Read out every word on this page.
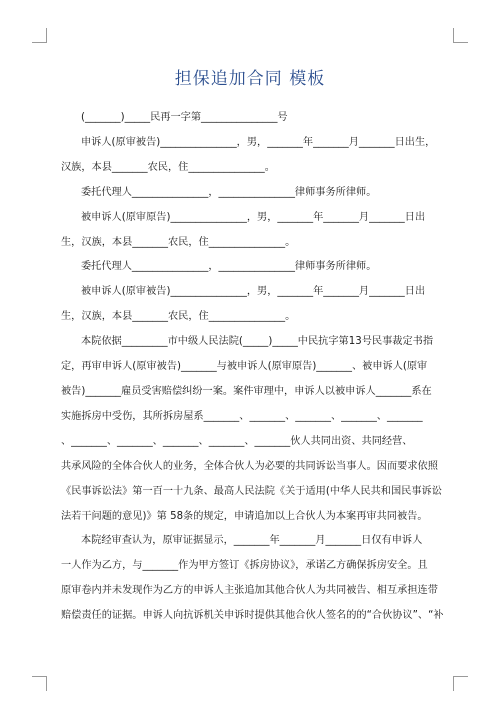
担保追加合同 模板
(_______)_____民再一字第_______________号
申诉人(原审被告)_______________，男，_______年_______月_______日出生，
汉族，本县_______农民，住_______________。
委托代理人_______________，_______________律师事务所律师。
被申诉人(原审原告)_______________，男，_______年_______月_______日出
生，汉族，本县_______农民，住_______________。
委托代理人_______________，_______________律师事务所律师。
被申诉人(原审被告)_______________，男，_______年_______月_______日出
生，汉族，本县_______农民，住_______________。
本院依据_________市中级人民法院(_____)_____中民抗字第13号民事裁定书指
定，再审申诉人(原审被告)_______与被申诉人(原审原告)_______、被申诉人(原审
被告)_______雇员受害赔偿纠纷一案。案件审理中，申诉人以被申诉人_______系在
实施拆房中受伤，其所拆房屋系_______、_______、_______、_______、_______
、_______、_______、_______、_______、_______伙人共同出资、共同经营、
共承风险的全体合伙人的业务，全体合伙人为必要的共同诉讼当事人。因而要求依照
《民事诉讼法》第一百一十九条、最高人民法院《关于适用(中华人民共和国民事诉讼
法若干问题的意见)》第 58条的规定，申请追加以上合伙人为本案再审共同被告。
本院经审查认为，原审证据显示，_______年_______月_______日仅有申诉人
一人作为乙方，与_______作为甲方签订《拆房协议》，承诺乙方确保拆房安全。且
原审卷内并未发现作为乙方的申诉人主张追加其他合伙人为共同被告、相互承担连带
赔偿责任的证据。申诉人向抗诉机关申诉时提供其他合伙人签名的的“合伙协议”、“补
